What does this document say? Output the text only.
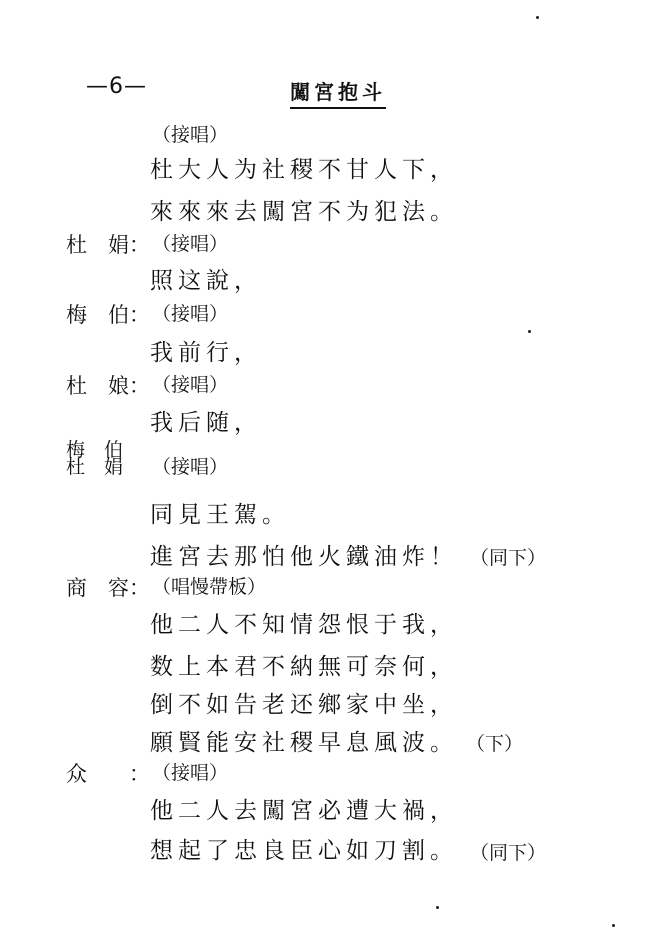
—6—	闖宮抱斗
（接唱）
杜大人为社稷不甘人下，
來來來去闖宮不为犯法。
杜　娟： （接唱）
照这說，
梅　伯： （接唱）
我前行，
杜　娘： （接唱）
我后随，
梅　伯
杜　娟 （接唱）
同見王駕。
進宮去那怕他火鐵油炸！ （同下）
商　容： （唱慢帶板）
他二人不知情怨恨于我，
数上本君不納無可奈何，
倒不如告老还鄉家中坐，
願賢能安社稷早息風波。 （下）
众　　： （接唱）
他二人去闖宮必遭大禍，
想起了忠良臣心如刀割。 （同下）
